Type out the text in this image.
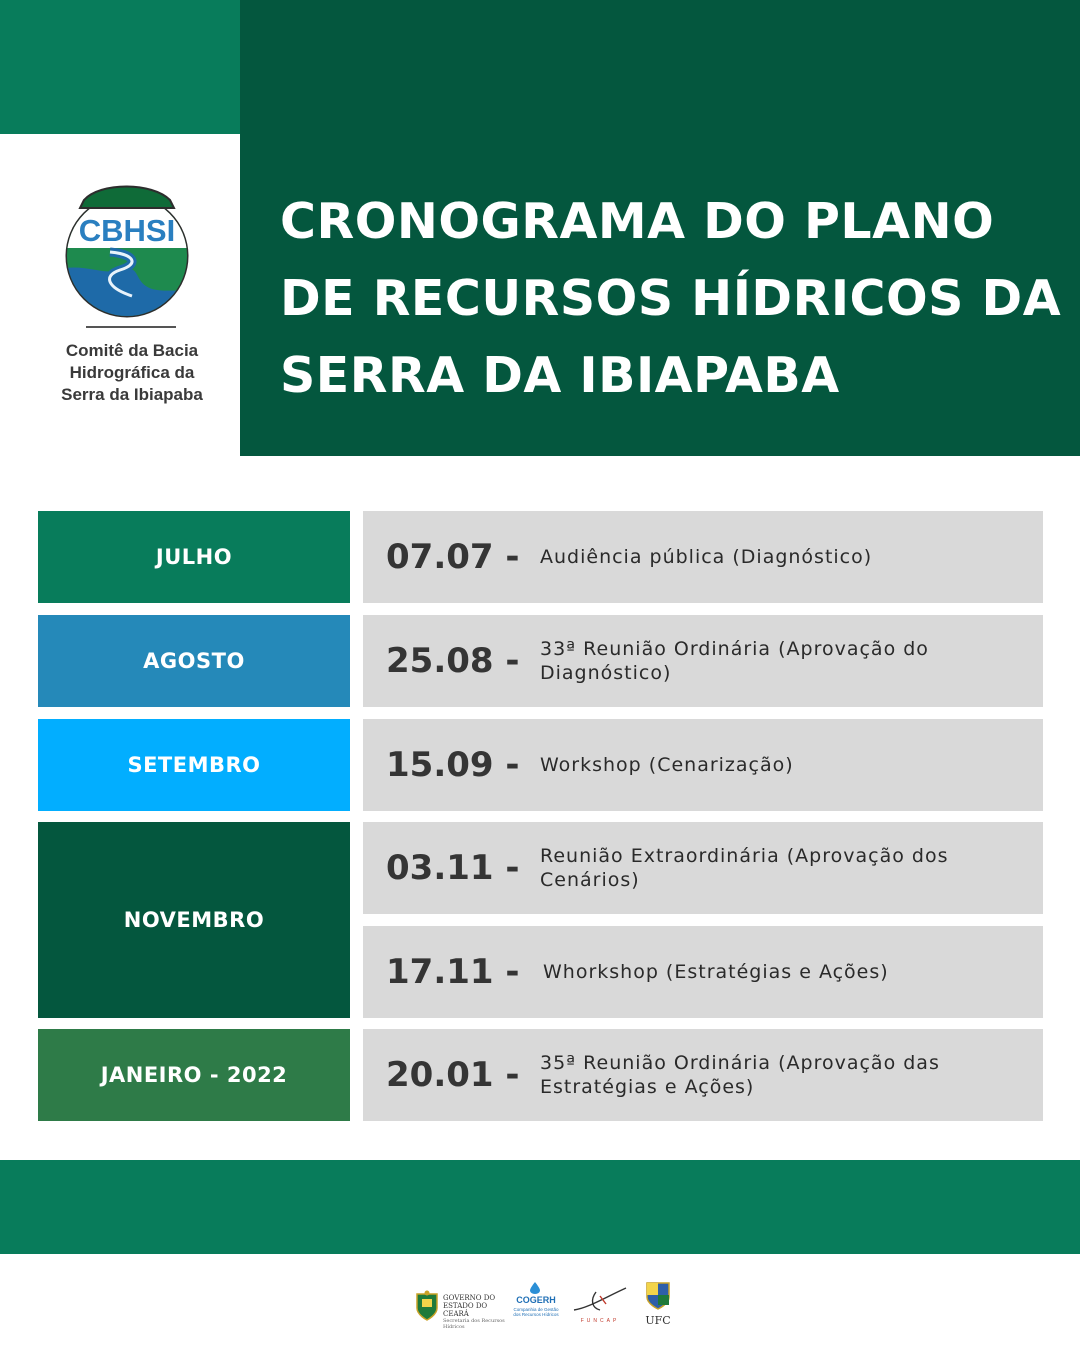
CRONOGRAMA DO PLANO
DE RECURSOS HÍDRICOS DA
SERRA DA IBIAPABA
CBHSI
Comitê da Bacia
Hidrográfica da
Serra da Ibiapaba
JULHO
AGOSTO
SETEMBRO
NOVEMBRO
JANEIRO - 2022
07.07 - Audiência pública (Diagnóstico)
25.08 - 33ª Reunião Ordinária (Aprovação do Diagnóstico)
15.09 - Workshop (Cenarização)
03.11 - Reunião Extraordinária (Aprovação dos Cenários)
17.11 - Whorkshop (Estratégias e Ações)
20.01 - 35ª Reunião Ordinária (Aprovação das Estratégias e Ações)
GOVERNO DO
ESTADO DO CEARÁ
Secretaria dos Recursos Hídricos
COGERH
Companhia de Gestão
dos Recursos Hídricos
FUNCAP	UFC
